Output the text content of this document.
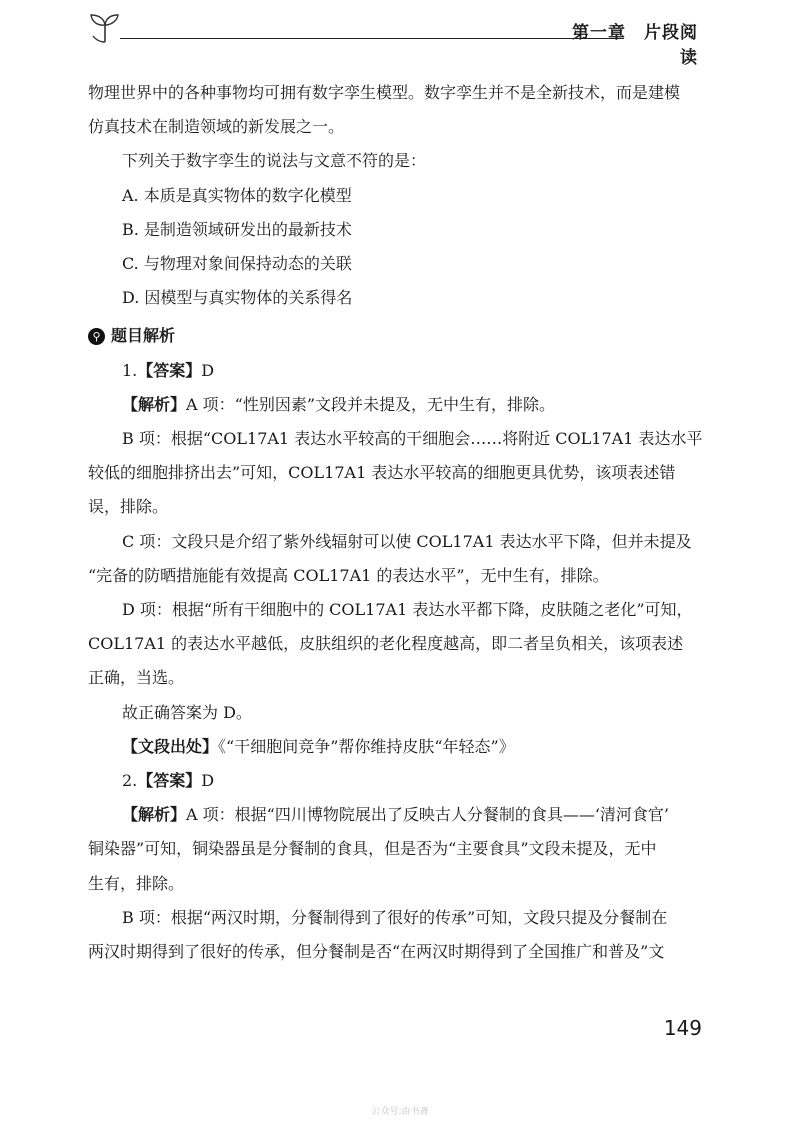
第一章　片段阅读

物理世界中的各种事物均可拥有数字孪生模型。数字孪生并不是全新技术，而是建模

仿真技术在制造领域的新发展之一。

下列关于数字孪生的说法与文意不符的是：

A. 本质是真实物体的数字化模型

B. 是制造领域研发出的最新技术

C. 与物理对象间保持动态的关联

D. 因模型与真实物体的关系得名

⚲ 题目解析

1.【答案】D

【解析】A 项：“性别因素”文段并未提及，无中生有，排除。

B 项：根据“COL17A1 表达水平较高的干细胞会……将附近 COL17A1 表达水平

较低的细胞排挤出去”可知，COL17A1 表达水平较高的细胞更具优势，该项表述错

误，排除。

C 项：文段只是介绍了紫外线辐射可以使 COL17A1 表达水平下降，但并未提及

“完备的防晒措施能有效提高 COL17A1 的表达水平”，无中生有，排除。

D 项：根据“所有干细胞中的 COL17A1 表达水平都下降，皮肤随之老化”可知，

COL17A1 的表达水平越低，皮肤组织的老化程度越高，即二者呈负相关，该项表述

正确，当选。

故正确答案为 D。

【文段出处】《“干细胞间竞争”帮你维持皮肤“年轻态”》

2.【答案】D

【解析】A 项：根据“四川博物院展出了反映古人分餐制的食具——‘清河食官’

铜染器”可知，铜染器虽是分餐制的食具，但是否为“主要食具”文段未提及，无中

生有，排除。

B 项：根据“两汉时期，分餐制得到了很好的传承”可知，文段只提及分餐制在

两汉时期得到了很好的传承，但分餐制是否“在两汉时期得到了全国推广和普及”文

149
公众号:由书斋
